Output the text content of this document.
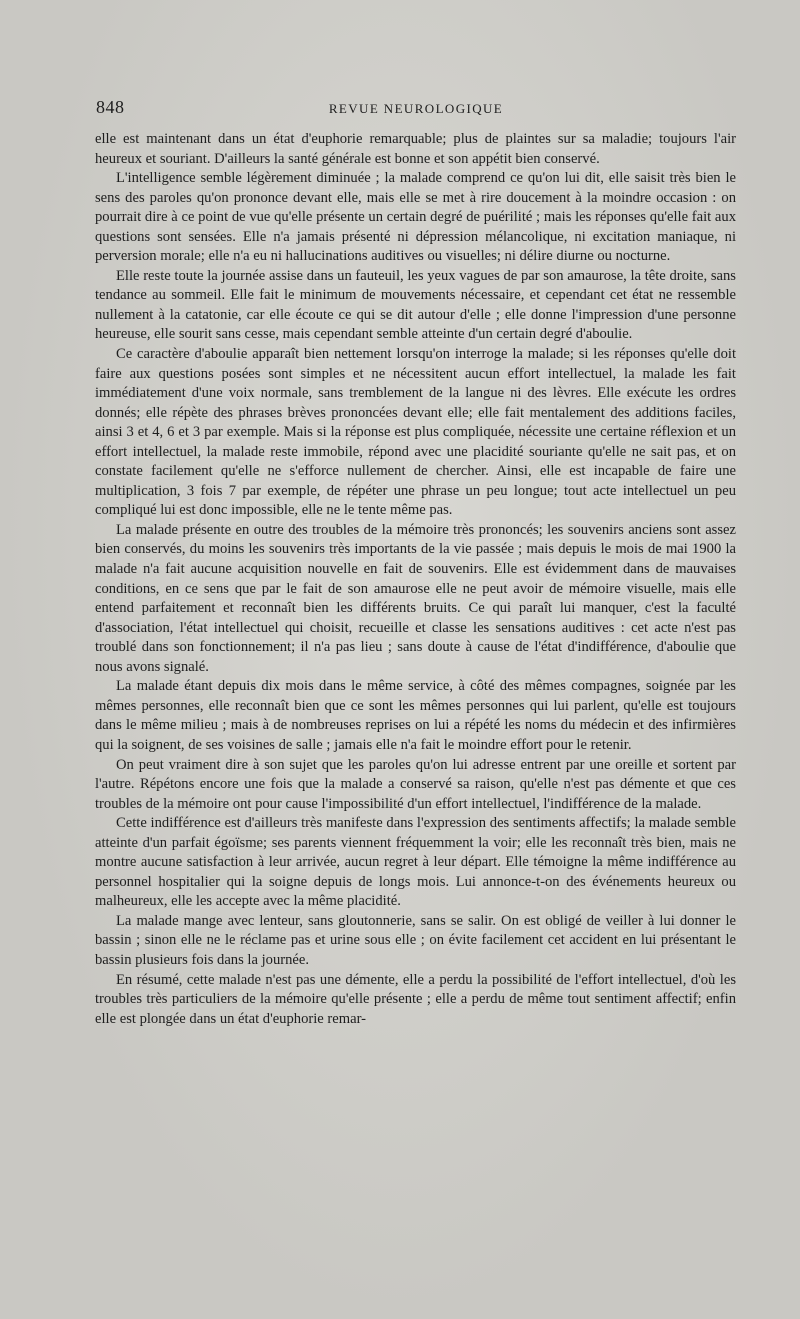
848	REVUE NEUROLOGIQUE

elle est maintenant dans un état d'euphorie remarquable; plus de plaintes sur sa maladie; toujours l'air heureux et souriant. D'ailleurs la santé générale est bonne et son appétit bien conservé.

L'intelligence semble légèrement diminuée ; la malade comprend ce qu'on lui dit, elle saisit très bien le sens des paroles qu'on prononce devant elle, mais elle se met à rire doucement à la moindre occasion : on pourrait dire à ce point de vue qu'elle présente un certain degré de puérilité ; mais les réponses qu'elle fait aux questions sont sensées. Elle n'a jamais présenté ni dépression mélancolique, ni excitation maniaque, ni perversion morale; elle n'a eu ni hallucinations auditives ou visuelles; ni délire diurne ou nocturne.

Elle reste toute la journée assise dans un fauteuil, les yeux vagues de par son amaurose, la tête droite, sans tendance au sommeil. Elle fait le minimum de mouvements nécessaire, et cependant cet état ne ressemble nullement à la catatonie, car elle écoute ce qui se dit autour d'elle ; elle donne l'impression d'une personne heureuse, elle sourit sans cesse, mais cependant semble atteinte d'un certain degré d'aboulie.

Ce caractère d'aboulie apparaît bien nettement lorsqu'on interroge la malade; si les réponses qu'elle doit faire aux questions posées sont simples et ne nécessitent aucun effort intellectuel, la malade les fait immédiatement d'une voix normale, sans tremblement de la langue ni des lèvres. Elle exécute les ordres donnés; elle répète des phrases brèves prononcées devant elle; elle fait mentalement des additions faciles, ainsi 3 et 4, 6 et 3 par exemple. Mais si la réponse est plus compliquée, nécessite une certaine réflexion et un effort intellectuel, la malade reste immobile, répond avec une placidité souriante qu'elle ne sait pas, et on constate facilement qu'elle ne s'efforce nullement de chercher. Ainsi, elle est incapable de faire une multiplication, 3 fois 7 par exemple, de répéter une phrase un peu longue; tout acte intellectuel un peu compliqué lui est donc impossible, elle ne le tente même pas.

La malade présente en outre des troubles de la mémoire très prononcés; les souvenirs anciens sont assez bien conservés, du moins les souvenirs très importants de la vie passée ; mais depuis le mois de mai 1900 la malade n'a fait aucune acquisition nouvelle en fait de souvenirs. Elle est évidemment dans de mauvaises conditions, en ce sens que par le fait de son amaurose elle ne peut avoir de mémoire visuelle, mais elle entend parfaitement et reconnaît bien les différents bruits. Ce qui paraît lui manquer, c'est la faculté d'association, l'état intellectuel qui choisit, recueille et classe les sensations auditives : cet acte n'est pas troublé dans son fonctionnement; il n'a pas lieu ; sans doute à cause de l'état d'indifférence, d'aboulie que nous avons signalé.

La malade étant depuis dix mois dans le même service, à côté des mêmes compagnes, soignée par les mêmes personnes, elle reconnaît bien que ce sont les mêmes personnes qui lui parlent, qu'elle est toujours dans le même milieu ; mais à de nombreuses reprises on lui a répété les noms du médecin et des infirmières qui la soignent, de ses voisines de salle ; jamais elle n'a fait le moindre effort pour le retenir.

On peut vraiment dire à son sujet que les paroles qu'on lui adresse entrent par une oreille et sortent par l'autre. Répétons encore une fois que la malade a conservé sa raison, qu'elle n'est pas démente et que ces troubles de la mémoire ont pour cause l'impossibilité d'un effort intellectuel, l'indifférence de la malade.

Cette indifférence est d'ailleurs très manifeste dans l'expression des sentiments affectifs; la malade semble atteinte d'un parfait égoïsme; ses parents viennent fréquemment la voir; elle les reconnaît très bien, mais ne montre aucune satisfaction à leur arrivée, aucun regret à leur départ. Elle témoigne la même indifférence au personnel hospitalier qui la soigne depuis de longs mois. Lui annonce-t-on des événements heureux ou malheureux, elle les accepte avec la même placidité.

La malade mange avec lenteur, sans gloutonnerie, sans se salir. On est obligé de veiller à lui donner le bassin ; sinon elle ne le réclame pas et urine sous elle ; on évite facilement cet accident en lui présentant le bassin plusieurs fois dans la journée.

En résumé, cette malade n'est pas une démente, elle a perdu la possibilité de l'effort intellectuel, d'où les troubles très particuliers de la mémoire qu'elle présente ; elle a perdu de même tout sentiment affectif; enfin elle est plongée dans un état d'euphorie remar-
